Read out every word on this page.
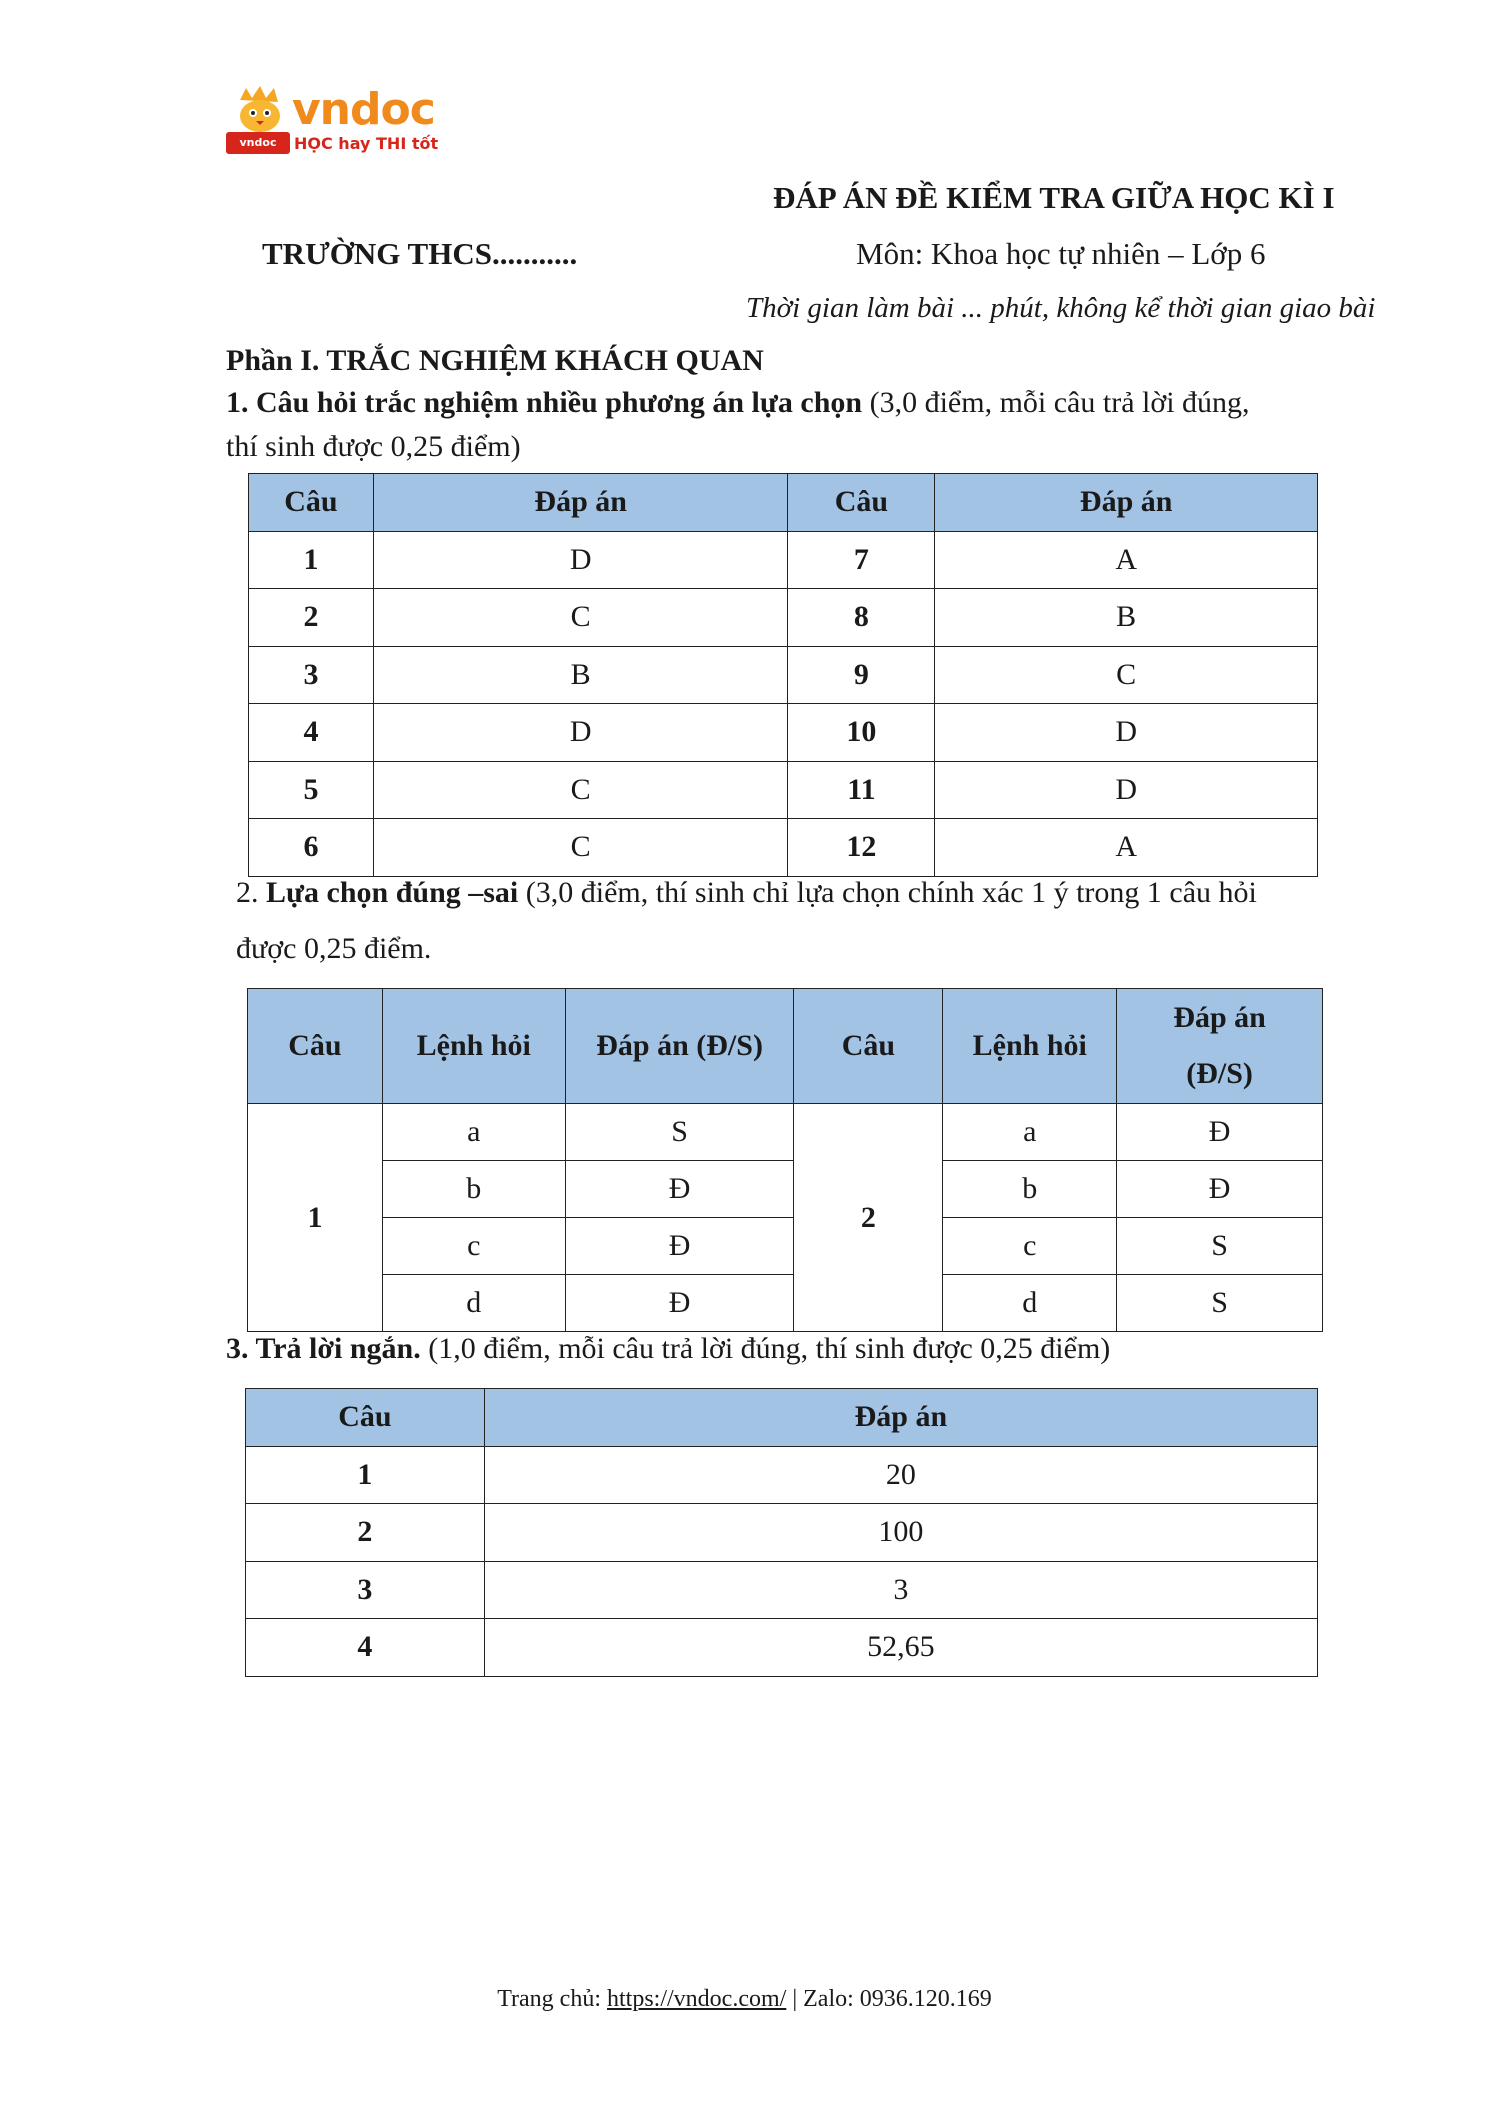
vndoc
vndoc
HỌC hay THI tốt
ĐÁP ÁN ĐỀ KIỂM TRA GIỮA HỌC KÌ I
TRƯỜNG THCS...........	Môn: Khoa học tự nhiên – Lớp 6
Thời gian làm bài ... phút, không kể thời gian giao bài
Phần I. TRẮC NGHIỆM KHÁCH QUAN
1. Câu hỏi trắc nghiệm nhiều phương án lựa chọn (3,0 điểm, mỗi câu trả lời đúng,
thí sinh được 0,25 điểm)
Câu	Đáp án	Câu	Đáp án
1	D	7	A
2	C	8	B
3	B	9	C
4	D	10	D
5	C	11	D
6	C	12	A
2. Lựa chọn đúng –sai (3,0 điểm, thí sinh chỉ lựa chọn chính xác 1 ý trong 1 câu hỏi
được 0,25 điểm.
Câu	Lệnh hỏi	Đáp án (Đ/S)	Câu	Lệnh hỏi	Đáp án
(Đ/S)
1	a	S	2	a	Đ
	b	Đ		b	Đ
	c	Đ		c	S
	d	Đ		d	S
3. Trả lời ngắn. (1,0 điểm, mỗi câu trả lời đúng, thí sinh được 0,25 điểm)
Câu	Đáp án
1	20
2	100
3	3
4	52,65
Trang chủ: https://vndoc.com/ | Zalo: 0936.120.169
